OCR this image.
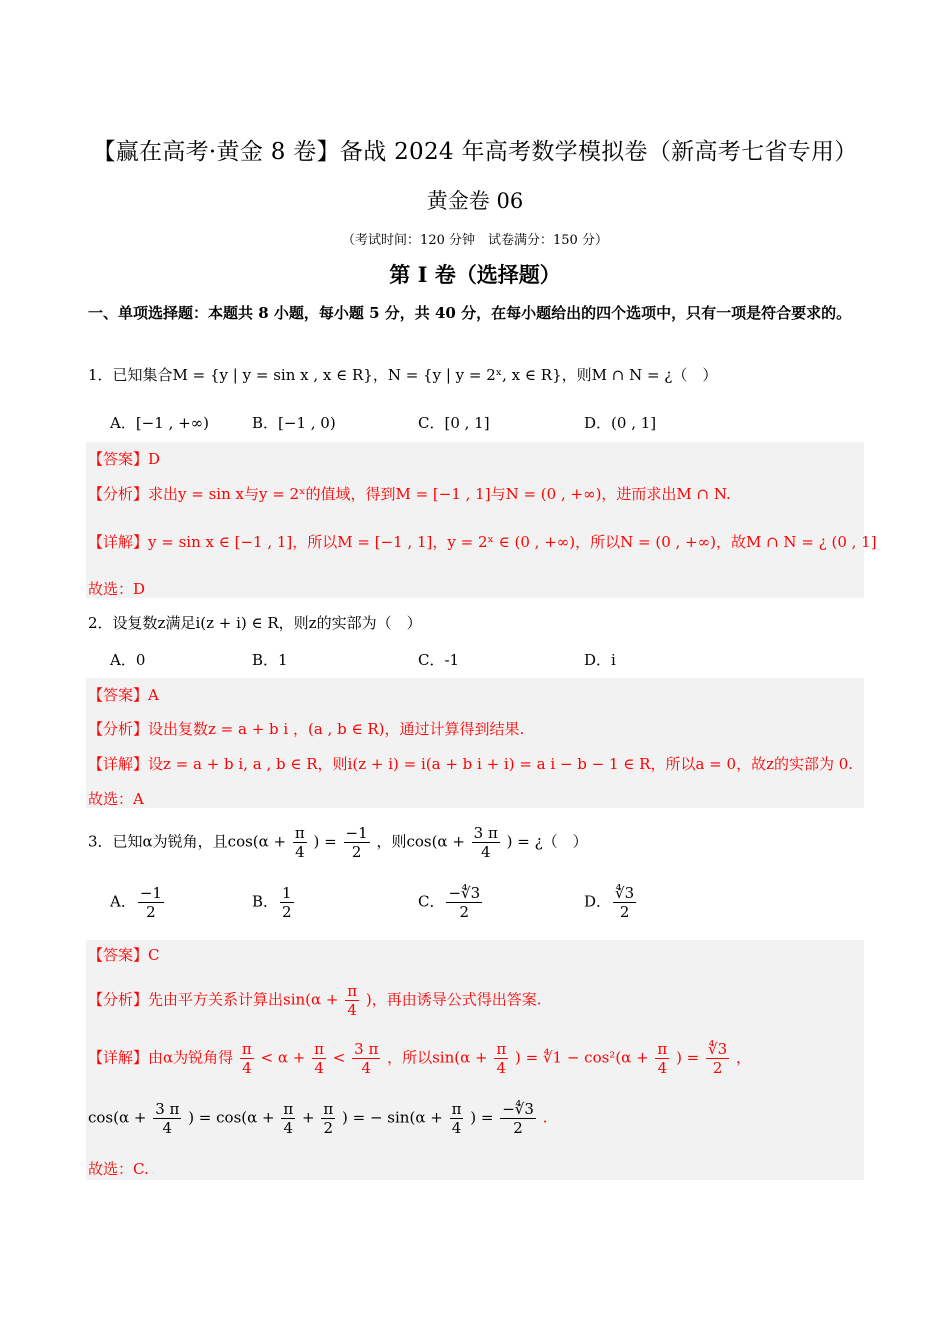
【赢在高考·黄金 8 卷】备战 2024 年高考数学模拟卷（新高考七省专用）
黄金卷 06
（考试时间：120 分钟　试卷满分：150 分）
第 I 卷（选择题）
一、单项选择题：本题共 8 小题，每小题 5 分，共 40 分，在每小题给出的四个选项中，只有一项是符合要求的。
1．已知集合M = {y | y = sin x , x ∈ R}，N = {y | y = 2ˣ, x ∈ R}，则M ∩ N = ¿（　）
A．[−1 , +∞)	B．[−1 , 0)	C．[0 , 1]	D．(0 , 1]
【答案】D
【分析】求出y = sin x与y = 2ˣ的值域，得到M = [−1 , 1]与N = (0 , +∞)，进而求出M ∩ N.
【详解】y = sin x ∈ [−1 , 1]，所以M = [−1 , 1]，y = 2ˣ ∈ (0 , +∞)，所以N = (0 , +∞)，故M ∩ N = ¿ (0 , 1]
故选：D
2．设复数z满足i(z + i) ∈ R，则z的实部为（　）
A．0	B．1	C．-1	D．i
【答案】A
【分析】设出复数z = a + b i ，(a , b ∈ R)，通过计算得到结果.
【详解】设z = a + b i, a , b ∈ R，则i(z + i) = i(a + b i + i) = a i − b − 1 ∈ R，所以a = 0，故z的实部为 0.
故选：A
3．已知α为锐角，且$\cos(\alpha + \frac{\pi}{4}$ ) = $\frac{-1}{2}$ ，则$\cos(\alpha + \frac{3 \pi}{4}$ ) = ¿（　）
A． $\frac{-1}{2}$	B． $\frac{1}{2}$	C． $\frac{-∜3}{2}$	D． $\frac{∜3}{2}$
【答案】C
【分析】先由平方关系计算出$\sin(\alpha + \frac{\pi}{4}$ )，再由诱导公式得出答案.
【详解】由α为锐角得 $\frac{\pi}{4} < \alpha + \frac{\pi}{4} < \frac{3 \pi}{4}$ ，所以$\sin(\alpha + \frac{\pi}{4}$ ) = ∜1 − $\cos^2(\alpha + \frac{\pi}{4}$ ) = $\frac{∜3}{2}$ ，
$\cos(\alpha + \frac{3 \pi}{4}$ ) = $\cos(\alpha + \frac{\pi}{4} + \frac{\pi}{2}$ ) = − $\sin(\alpha + \frac{\pi}{4}$ ) = $\frac{-∜3}{2}$ .
故选：C.
